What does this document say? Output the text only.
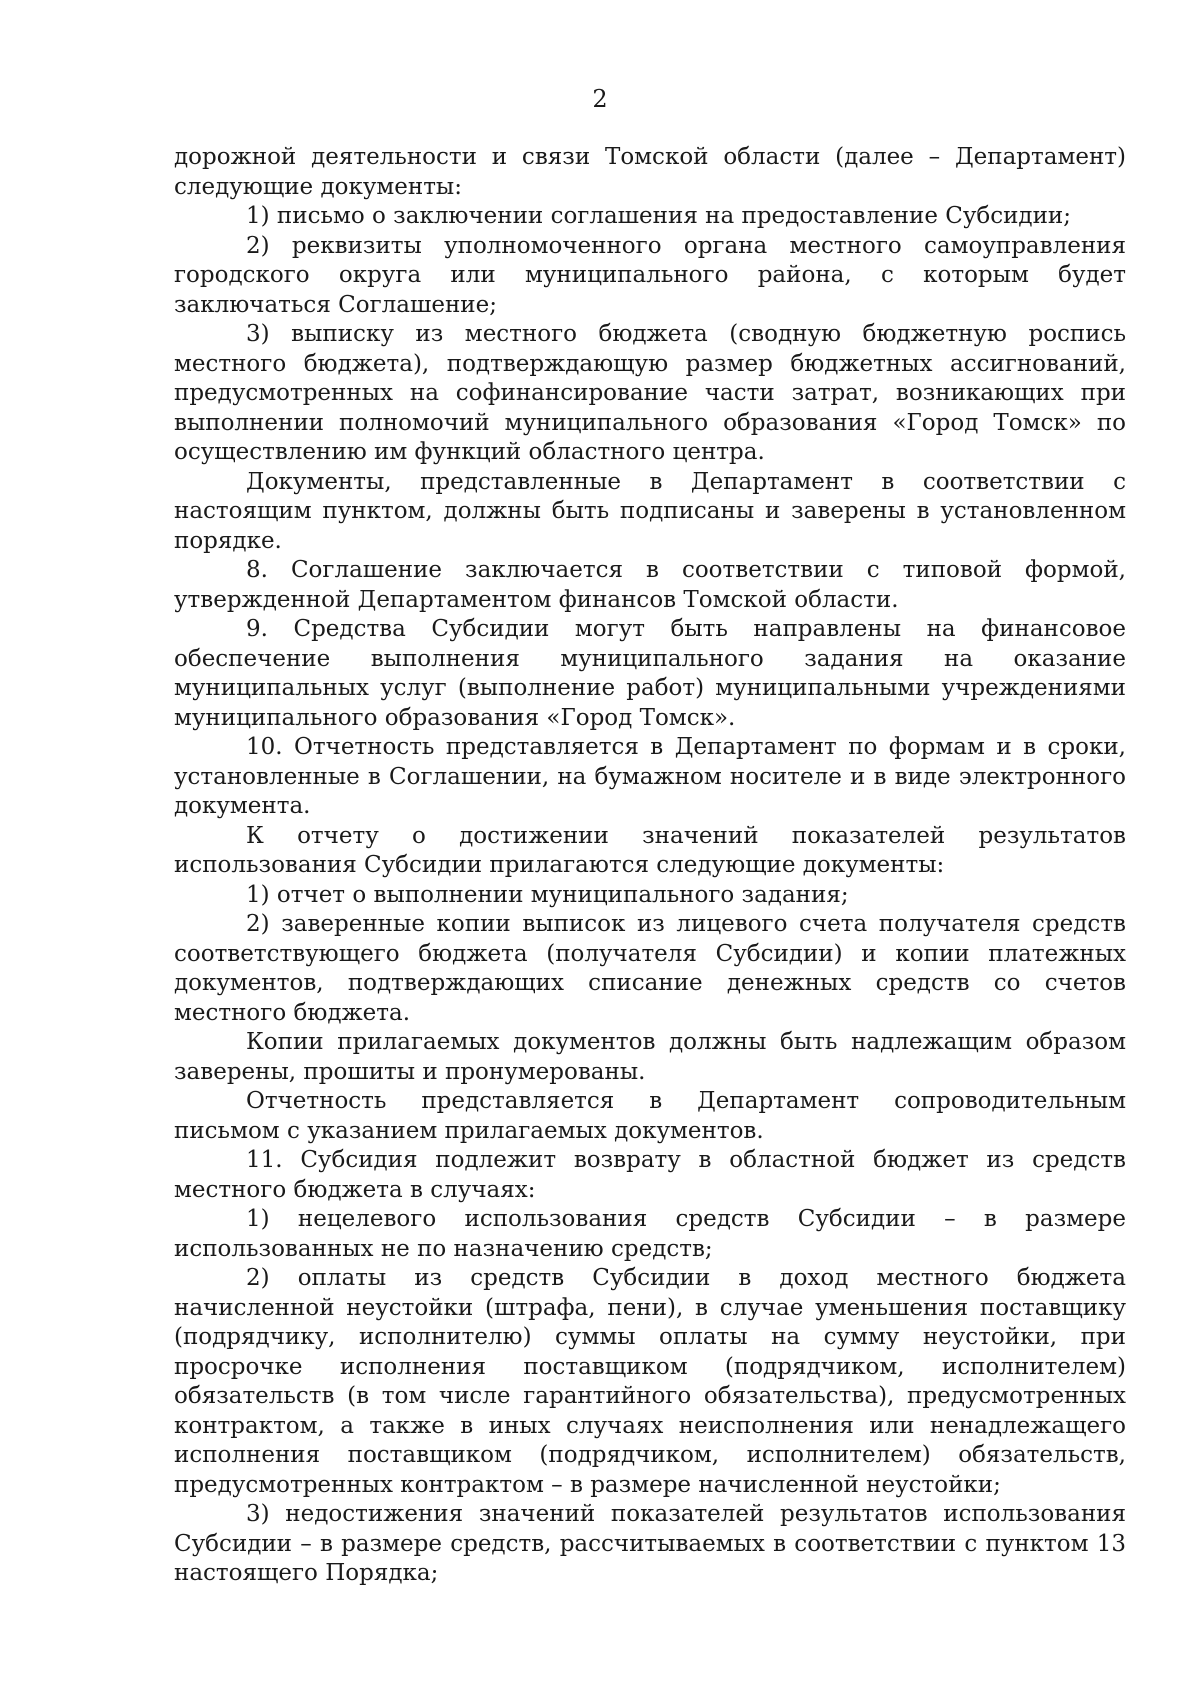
2

дорожной деятельности и связи Томской области (далее – Департамент) следующие документы:

1) письмо о заключении соглашения на предоставление Субсидии;

2) реквизиты уполномоченного органа местного самоуправления городского округа или муниципального района, с которым будет заключаться Соглашение;

3) выписку из местного бюджета (сводную бюджетную роспись местного бюджета), подтверждающую размер бюджетных ассигнований, предусмотренных на софинансирование части затрат, возникающих при выполнении полномочий муниципального образования «Город Томск» по осуществлению им функций областного центра.

Документы, представленные в Департамент в соответствии с настоящим пунктом, должны быть подписаны и заверены в установленном порядке.

8. Соглашение заключается в соответствии с типовой формой, утвержденной Департаментом финансов Томской области.

9. Средства Субсидии могут быть направлены на финансовое обеспечение выполнения муниципального задания на оказание муниципальных услуг (выполнение работ) муниципальными учреждениями муниципального образования «Город Томск».

10. Отчетность представляется в Департамент по формам и в сроки, установленные в Соглашении, на бумажном носителе и в виде электронного документа.

К отчету о достижении значений показателей результатов использования Субсидии прилагаются следующие документы:

1) отчет о выполнении муниципального задания;

2) заверенные копии выписок из лицевого счета получателя средств соответствующего бюджета (получателя Субсидии) и копии платежных документов, подтверждающих списание денежных средств со счетов местного бюджета.

Копии прилагаемых документов должны быть надлежащим образом заверены, прошиты и пронумерованы.

Отчетность представляется в Департамент сопроводительным письмом с указанием прилагаемых документов.

11. Субсидия подлежит возврату в областной бюджет из средств местного бюджета в случаях:

1) нецелевого использования средств Субсидии – в размере использованных не по назначению средств;

2) оплаты из средств Субсидии в доход местного бюджета начисленной неустойки (штрафа, пени), в случае уменьшения поставщику (подрядчику, исполнителю) суммы оплаты на сумму неустойки, при просрочке исполнения поставщиком (подрядчиком, исполнителем) обязательств (в том числе гарантийного обязательства), предусмотренных контрактом, а также в иных случаях неисполнения или ненадлежащего исполнения поставщиком (подрядчиком, исполнителем) обязательств, предусмотренных контрактом – в размере начисленной неустойки;

3) недостижения значений показателей результатов использования Субсидии – в размере средств, рассчитываемых в соответствии с пунктом 13 настоящего Порядка;
